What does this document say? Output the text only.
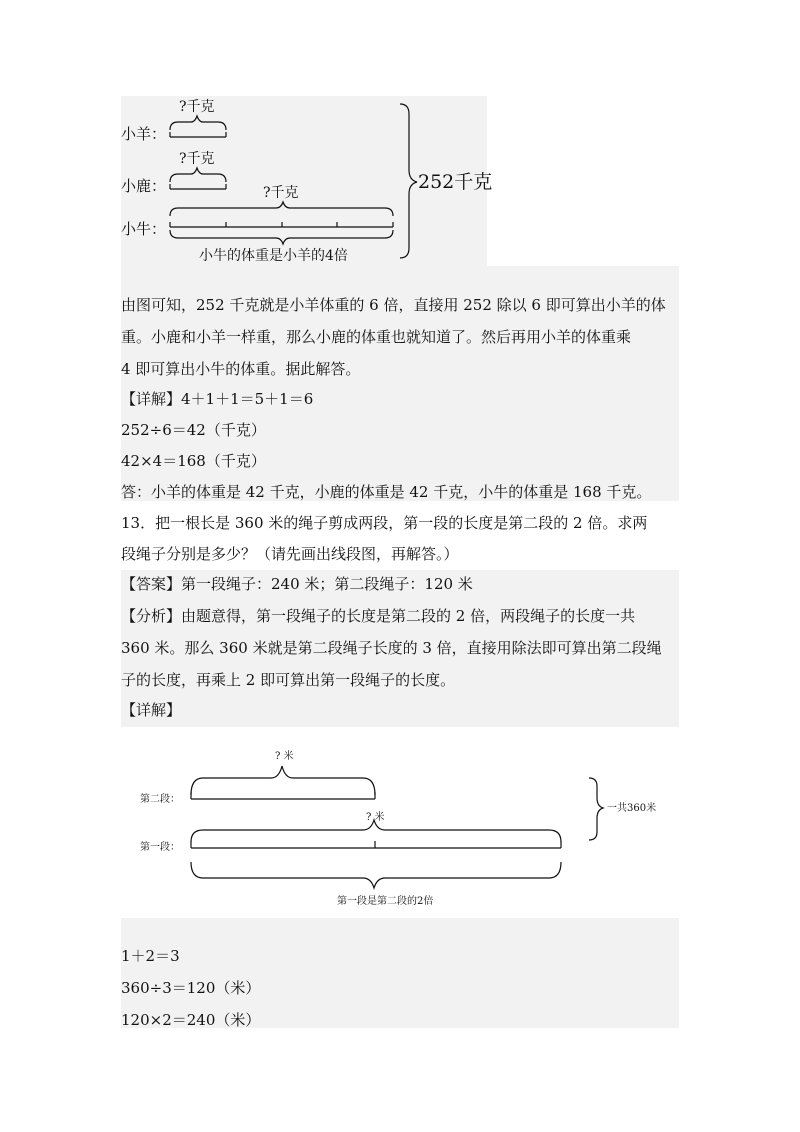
小羊：
小鹿：
小牛：
?千克
?千克
?千克	252千克
小牛的体重是小羊的4倍
由图可知，252 千克就是小羊体重的 6 倍，直接用 252 除以 6 即可算出小羊的体
重。小鹿和小羊一样重，那么小鹿的体重也就知道了。然后再用小羊的体重乘
4 即可算出小牛的体重。据此解答。
【详解】4＋1＋1＝5＋1＝6
252÷6＝42（千克）
42×4＝168（千克）
答：小羊的体重是 42 千克，小鹿的体重是 42 千克，小牛的体重是 168 千克。
13．把一根长是 360 米的绳子剪成两段，第一段的长度是第二段的 2 倍。求两
段绳子分别是多少？（请先画出线段图，再解答。）
【答案】第一段绳子：240 米；第二段绳子：120 米
【分析】由题意得，第一段绳子的长度是第二段的 2 倍，两段绳子的长度一共
360 米。那么 360 米就是第二段绳子长度的 3 倍，直接用除法即可算出第二段绳
子的长度，再乘上 2 即可算出第一段绳子的长度。
【详解】
第二段：
第一段：
? 米
? 米
一共360米
第一段是第二段的2倍
1＋2＝3
360÷3＝120（米）
120×2＝240（米）
